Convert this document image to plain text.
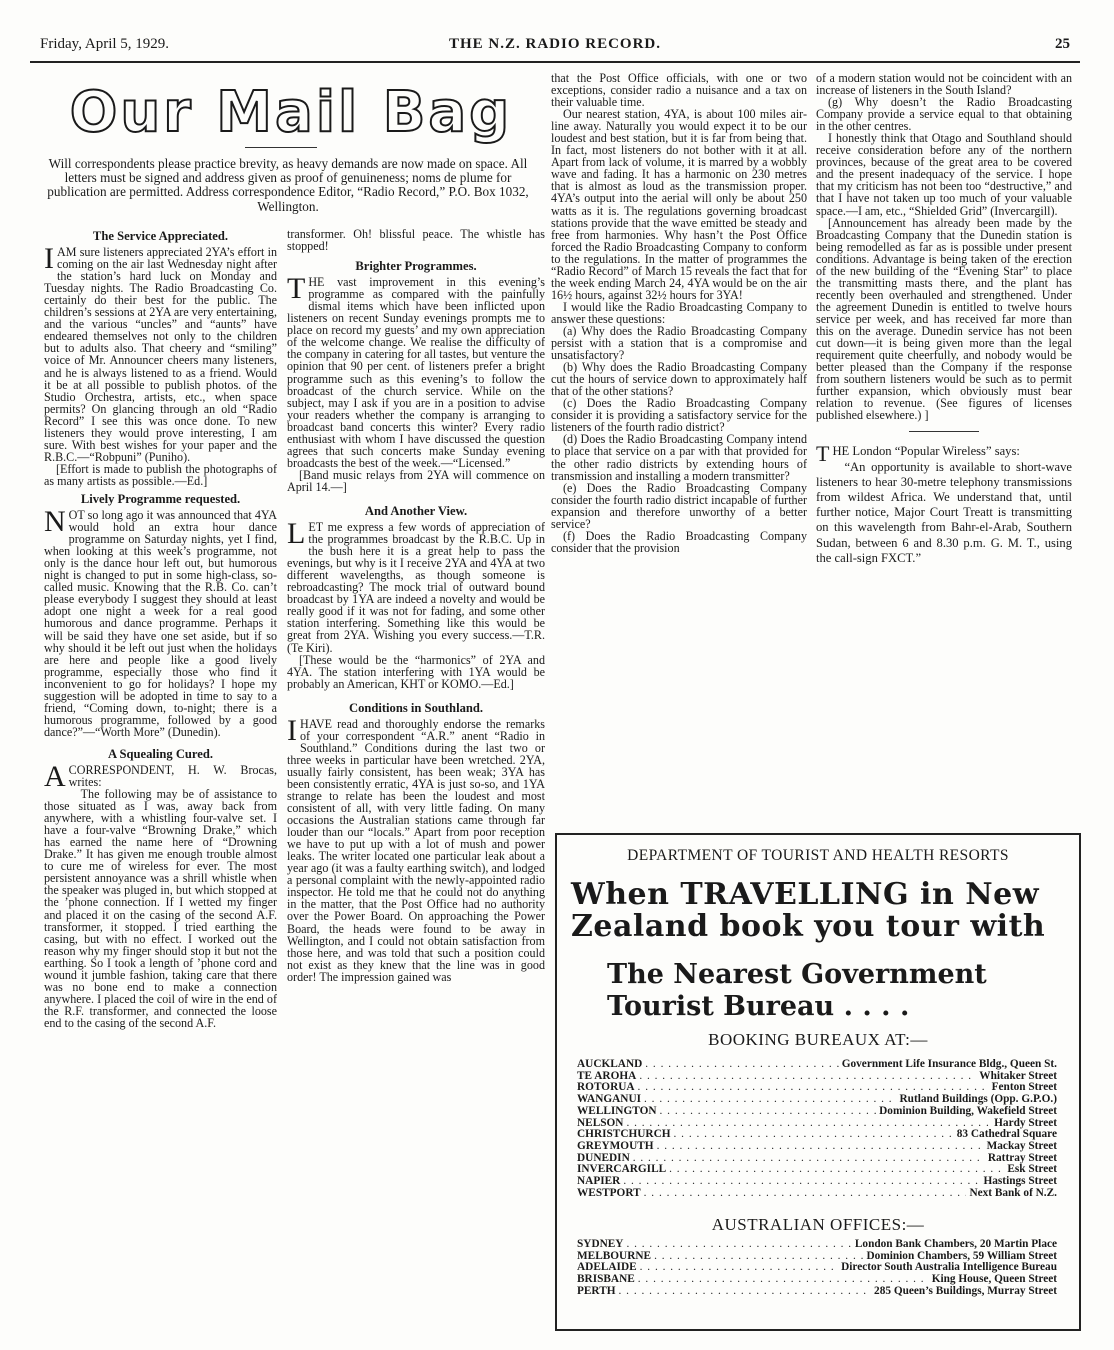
Friday, April 5, 1929.	THE N.Z. RADIO RECORD.	25
Our Mail Bag
Will correspondents please practice brevity, as heavy demands are now made on space. All letters must be signed and address given as proof of genuineness; noms de plume for publication are permitted. Address correspondence Editor, “Radio Record,” P.O. Box 1032, Wellington.
The Service Appreciated.

IAM sure listeners appreciated 2YA’s effort in coming on the air last Wednesday night after the station’s hard luck on Monday and Tuesday nights. The Radio Broadcasting Co. certainly do their best for the public. The children’s sessions at 2YA are very entertaining, and the various “uncles” and “aunts” have endeared themselves not only to the children but to adults also. That cheery and “smiling” voice of Mr. Announcer cheers many listeners, and he is always listened to as a friend. Would it be at all possible to publish photos. of the Studio Orchestra, artists, etc., when space permits? On glancing through an old “Radio Record” I see this was once done. To new listeners they would prove interesting, I am sure. With best wishes for your paper and the R.B.C.—“Robpuni” (Puniho).

[Effort is made to publish the photographs of as many artists as possible.—Ed.]

Lively Programme requested.

NOT so long ago it was announced that 4YA would hold an extra hour dance programme on Saturday nights, yet I find, when looking at this week’s programme, not only is the dance hour left out, but humorous night is changed to put in some high-class, so-called music. Knowing that the R.B. Co. can’t please everybody I suggest they should at least adopt one night a week for a real good humorous and dance programme. Perhaps it will be said they have one set aside, but if so why should it be left out just when the holidays are here and people like a good lively programme, especially those who find it inconvenient to go for holidays? I hope my suggestion will be adopted in time to say to a friend, “Coming down, to-night; there is a humorous programme, followed by a good dance?”—“Worth More” (Dunedin).

A Squealing Cured.

ACORRESPONDENT, H. W. Brocas, writes:

The following may be of assistance to those situated as I was, away back from anywhere, with a whistling four-valve set. I have a four-valve “Browning Drake,” which has earned the name here of “Drowning Drake.” It has given me enough trouble almost to cure me of wireless for ever. The most persistent annoyance was a shrill whistle when the speaker was pluged in, but which stopped at the ’phone connection. If I wetted my finger and placed it on the casing of the second A.F. transformer, it stopped. I tried earthing the casing, but with no effect. I worked out the reason why my finger should stop it but not the earthing. So I took a length of ’phone cord and wound it jumble fashion, taking care that there was no bone end to make a connection anywhere. I placed the coil of wire in the end of the R.F. transformer, and connected the loose end to the casing of the second A.F.

transformer. Oh! blissful peace. The whistle has stopped!

Brighter Programmes.

THE vast improvement in this evening’s programme as compared with the painfully dismal items which have been inflicted upon listeners on recent Sunday evenings prompts me to place on record my guests’ and my own appreciation of the welcome change. We realise the difficulty of the company in catering for all tastes, but venture the opinion that 90 per cent. of listeners prefer a bright programme such as this evening’s to follow the broadcast of the church service. While on the subject, may I ask if you are in a position to advise your readers whether the company is arranging to broadcast band concerts this winter? Every radio enthusiast with whom I have discussed the question agrees that such concerts make Sunday evening broadcasts the best of the week.—“Licensed.”

[Band music relays from 2YA will commence on April 14.—]

And Another View.

LET me express a few words of appreciation of the programmes broadcast by the R.B.C. Up in the bush here it is a great help to pass the evenings, but why is it I receive 2YA and 4YA at two different wavelengths, as though someone is rebroadcasting? The mock trial of outward bound broadcast by 1YA are indeed a novelty and would be really good if it was not for fading, and some other station interfering. Something like this would be great from 2YA. Wishing you every success.—T.R. (Te Kiri).

[These would be the “harmonics” of 2YA and 4YA. The station interfering with 1YA would be probably an American, KHT or KOMO.—Ed.]

Conditions in Southland.

IHAVE read and thoroughly endorse the remarks of your correspondent “A.R.” anent “Radio in Southland.” Conditions during the last two or three weeks in particular have been wretched. 2YA, usually fairly consistent, has been weak; 3YA has been consistently erratic, 4YA is just so-so, and 1YA strange to relate has been the loudest and most consistent of all, with very little fading. On many occasions the Australian stations came through far louder than our “locals.” Apart from poor reception we have to put up with a lot of mush and power leaks. The writer located one particular leak about a year ago (it was a faulty earthing switch), and lodged a personal complaint with the newly-appointed radio inspector. He told me that he could not do anything in the matter, that the Post Office had no authority over the Power Board. On approaching the Power Board, the heads were found to be away in Wellington, and I could not obtain satisfaction from those here, and was told that such a position could not exist as they knew that the line was in good order! The impression gained was

that the Post Office officials, with one or two exceptions, consider radio a nuisance and a tax on their valuable time.

Our nearest station, 4YA, is about 100 miles air-line away. Naturally you would expect it to be our loudest and best station, but it is far from being that. In fact, most listeners do not bother with it at all. Apart from lack of volume, it is marred by a wobbly wave and fading. It has a harmonic on 230 metres that is almost as loud as the transmission proper. 4YA’s output into the aerial will only be about 250 watts as it is. The regulations governing broadcast stations provide that the wave emitted be steady and free from harmonies. Why hasn’t the Post Office forced the Radio Broadcasting Company to conform to the regulations. In the matter of programmes the “Radio Record” of March 15 reveals the fact that for the week ending March 24, 4YA would be on the air 16½ hours, against 32½ hours for 3YA!

I would like the Radio Broadcasting Company to answer these questions:

(a) Why does the Radio Broadcasting Company persist with a station that is a compromise and unsatisfactory?

(b) Why does the Radio Broadcasting Company cut the hours of service down to approximately half that of the other stations?

(c) Does the Radio Broadcasting Company consider it is providing a satisfactory service for the listeners of the fourth radio district?

(d) Does the Radio Broadcasting Company intend to place that service on a par with that provided for the other radio districts by extending hours of transmission and installing a modern transmitter?

(e) Does the Radio Broadcasting Company consider the fourth radio district incapable of further expansion and therefore unworthy of a better service?

(f) Does the Radio Broadcasting Company consider that the provision

of a modern station would not be coincident with an increase of listeners in the South Island?

(g) Why doesn’t the Radio Broadcasting Company provide a service equal to that obtaining in the other centres.

I honestly think that Otago and Southland should receive consideration before any of the northern provinces, because of the great area to be covered and the present inadequacy of the service. I hope that my criticism has not been too “destructive,” and that I have not taken up too much of your valuable space.—I am, etc., “Shielded Grid” (Invercargill).

[Announcement has already been made by the Broadcasting Company that the Dunedin station is being remodelled as far as is possible under present conditions. Advantage is being taken of the erection of the new building of the “Evening Star” to place the transmitting masts there, and the plant has recently been overhauled and strengthened. Under the agreement Dunedin is entitled to twelve hours service per week, and has received far more than this on the average. Dunedin service has not been cut down—it is being given more than the legal requirement quite cheerfully, and nobody would be better pleased than the Company if the response from southern listeners would be such as to permit further expansion, which obviously must bear relation to revenue. (See figures of licenses published elsewhere.) ]

THE London “Popular Wireless” says:

“An opportunity is available to short-wave listeners to hear 30-metre telephony transmissions from wildest Africa. We understand that, until further notice, Major Court Treatt is transmitting on this wavelength from Bahr-el-Arab, Southern Sudan, between 6 and 8.30 p.m. G. M. T., using the call-sign FXCT.”

DEPARTMENT OF TOURIST AND HEALTH RESORTS
When TRAVELLING in New Zealand book you tour with
The Nearest Government Tourist Bureau . . . .
BOOKING BUREAUX AT:—
AUCKLAND . . .	Government Life Insurance Bldg., Queen St.
TE AROHA . . .	Whitaker Street
ROTORUA . . .	Fenton Street
WANGANUI . . .	Rutland Buildings (Opp. G.P.O.)
WELLINGTON . . .	Dominion Building, Wakefield Street
NELSON . . .	Hardy Street
CHRISTCHURCH . . .	83 Cathedral Square
GREYMOUTH . . .	Mackay Street
DUNEDIN . . .	Rattray Street
INVERCARGILL . . .	Esk Street
NAPIER . . .	Hastings Street
WESTPORT . . .	Next Bank of N.Z.
AUSTRALIAN OFFICES:—
SYDNEY . . .	London Bank Chambers, 20 Martin Place
MELBOURNE . . .	Dominion Chambers, 59 William Street
ADELAIDE . . .	Director South Australia Intelligence Bureau
BRISBANE . . .	King House, Queen Street
PERTH . . .	285 Queen’s Buildings, Murray Street
